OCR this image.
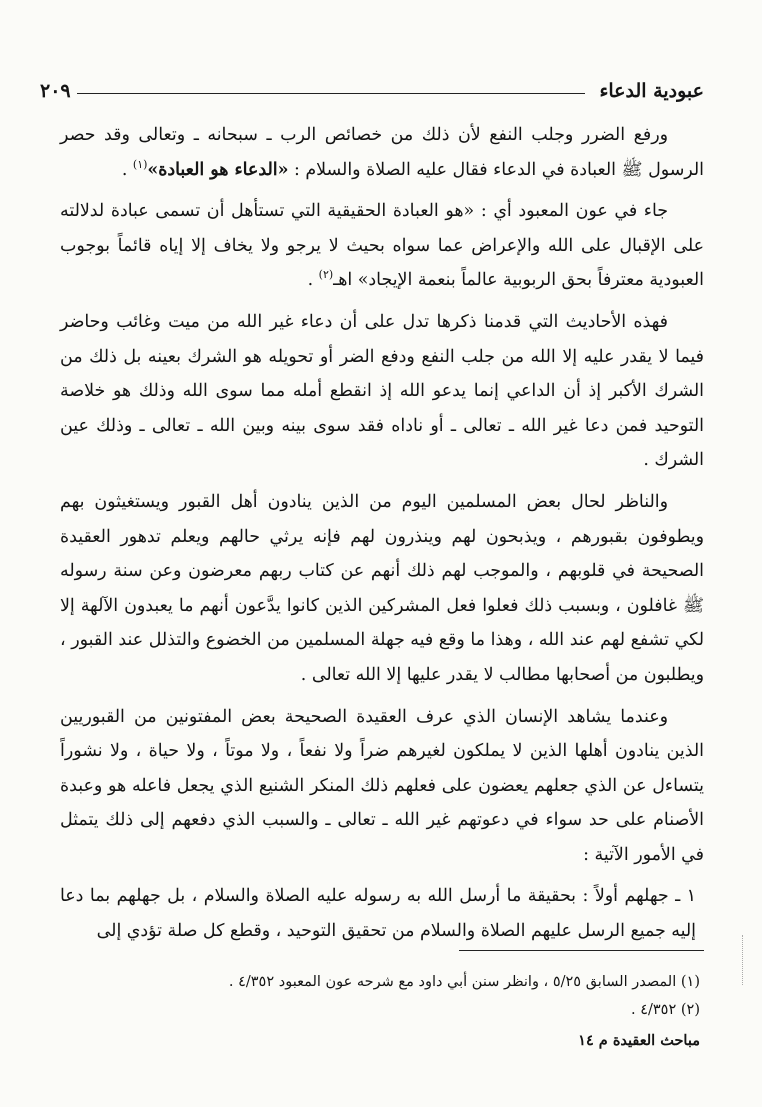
عبودية الدعاء
٢٠٩

ورفع الضرر وجلب النفع لأن ذلك من خصائص الرب ـ سبحانه ـ وتعالى وقد حصر الرسول ﷺ العبادة في الدعاء فقال عليه الصلاة والسلام : «الدعاء هو العبادة»$^{(١)}$ .

جاء في عون المعبود أي : «هو العبادة الحقيقية التي تستأهل أن تسمى عبادة لدلالته على الإقبال على الله والإعراض عما سواه بحيث لا يرجو ولا يخاف إلا إياه قائماً بوجوب العبودية معترفاً بحق الربوبية عالماً بنعمة الإيجاد» اهـ$^{(٢)}$ .

فهذه الأحاديث التي قدمنا ذكرها تدل على أن دعاء غير الله من ميت وغائب وحاضر فيما لا يقدر عليه إلا الله من جلب النفع ودفع الضر أو تحويله هو الشرك بعينه بل ذلك من الشرك الأكبر إذ أن الداعي إنما يدعو الله إذ انقطع أمله مما سوى الله وذلك هو خلاصة التوحيد فمن دعا غير الله ـ تعالى ـ أو ناداه فقد سوى بينه وبين الله ـ تعالى ـ وذلك عين الشرك .

والناظر لحال بعض المسلمين اليوم من الذين ينادون أهل القبور ويستغيثون بهم ويطوفون بقبورهم ، ويذبحون لهم وينذرون لهم فإنه يرثي حالهم ويعلم تدهور العقيدة الصحيحة في قلوبهم ، والموجب لهم ذلك أنهم عن كتاب ربهم معرضون وعن سنة رسوله ﷺ غافلون ، وبسبب ذلك فعلوا فعل المشركين الذين كانوا يدَّعون أنهم ما يعبدون الآلهة إلا لكي تشفع لهم عند الله ، وهذا ما وقع فيه جهلة المسلمين من الخضوع والتذلل عند القبور ، ويطلبون من أصحابها مطالب لا يقدر عليها إلا الله تعالى .

وعندما يشاهد الإنسان الذي عرف العقيدة الصحيحة بعض المفتونين من القبوريين الذين ينادون أهلها الذين لا يملكون لغيرهم ضراً ولا نفعاً ، ولا موتاً ، ولا حياة ، ولا نشوراً يتساءل عن الذي جعلهم يعضون على فعلهم ذلك المنكر الشنيع الذي يجعل فاعله هو وعبدة الأصنام على حد سواء في دعوتهم غير الله ـ تعالى ـ والسبب الذي دفعهم إلى ذلك يتمثل في الأمور الآتية :

١ ـ جهلهم أولاً : بحقيقة ما أرسل الله به رسوله عليه الصلاة والسلام ، بل جهلهم بما دعا إليه جميع الرسل عليهم الصلاة والسلام من تحقيق التوحيد ، وقطع كل صلة تؤدي إلى

(١) المصدر السابق ٥/٢٥ ، وانظر سنن أبي داود مع شرحه عون المعبود ٤/٣٥٢ .
(٢) ٤/٣٥٢ .
مباحث العقيدة م ١٤
